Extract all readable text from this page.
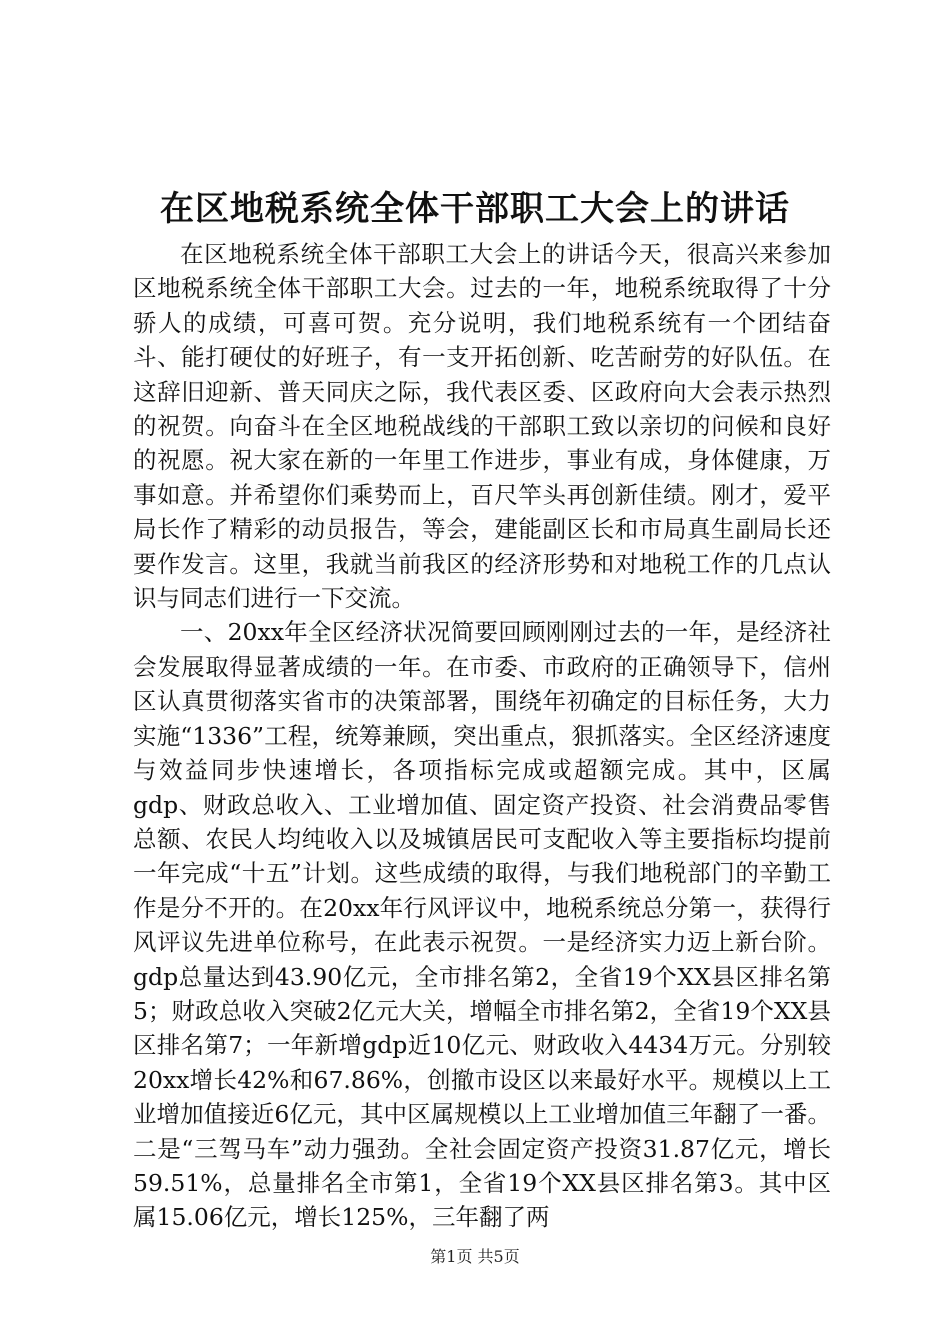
在区地税系统全体干部职工大会上的讲话

在区地税系统全体干部职工大会上的讲话今天，很高兴来参加区地税系统全体干部职工大会。过去的一年，地税系统取得了十分骄人的成绩，可喜可贺。充分说明，我们地税系统有一个团结奋斗、能打硬仗的好班子，有一支开拓创新、吃苦耐劳的好队伍。在这辞旧迎新、普天同庆之际，我代表区委、区政府向大会表示热烈的祝贺。向奋斗在全区地税战线的干部职工致以亲切的问候和良好的祝愿。祝大家在新的一年里工作进步，事业有成，身体健康，万事如意。并希望你们乘势而上，百尺竿头再创新佳绩。刚才，爱平局长作了精彩的动员报告，等会，建能副区长和市局真生副局长还要作发言。这里，我就当前我区的经济形势和对地税工作的几点认识与同志们进行一下交流。

一、20xx年全区经济状况简要回顾刚刚过去的一年，是经济社会发展取得显著成绩的一年。在市委、市政府的正确领导下，信州区认真贯彻落实省市的决策部署，围绕年初确定的目标任务，大力实施“1336”工程，统筹兼顾，突出重点，狠抓落实。全区经济速度与效益同步快速增长，各项指标完成或超额完成。其中，区属gdp、财政总收入、工业增加值、固定资产投资、社会消费品零售总额、农民人均纯收入以及城镇居民可支配收入等主要指标均提前一年完成“十五”计划。这些成绩的取得，与我们地税部门的辛勤工作是分不开的。在20xx年行风评议中，地税系统总分第一，获得行风评议先进单位称号，在此表示祝贺。一是经济实力迈上新台阶。gdp总量达到43.90亿元，全市排名第2，全省19个XX县区排名第5；财政总收入突破2亿元大关，增幅全市排名第2，全省19个XX县区排名第7；一年新增gdp近10亿元、财政收入4434万元。分别较20xx增长42%和67.86%，创撤市设区以来最好水平。规模以上工业增加值接近6亿元，其中区属规模以上工业增加值三年翻了一番。二是“三驾马车”动力强劲。全社会固定资产投资31.87亿元，增长59.51%，总量排名全市第1，全省19个XX县区排名第3。其中区属15.06亿元，增长125%，三年翻了两

第1页 共5页
